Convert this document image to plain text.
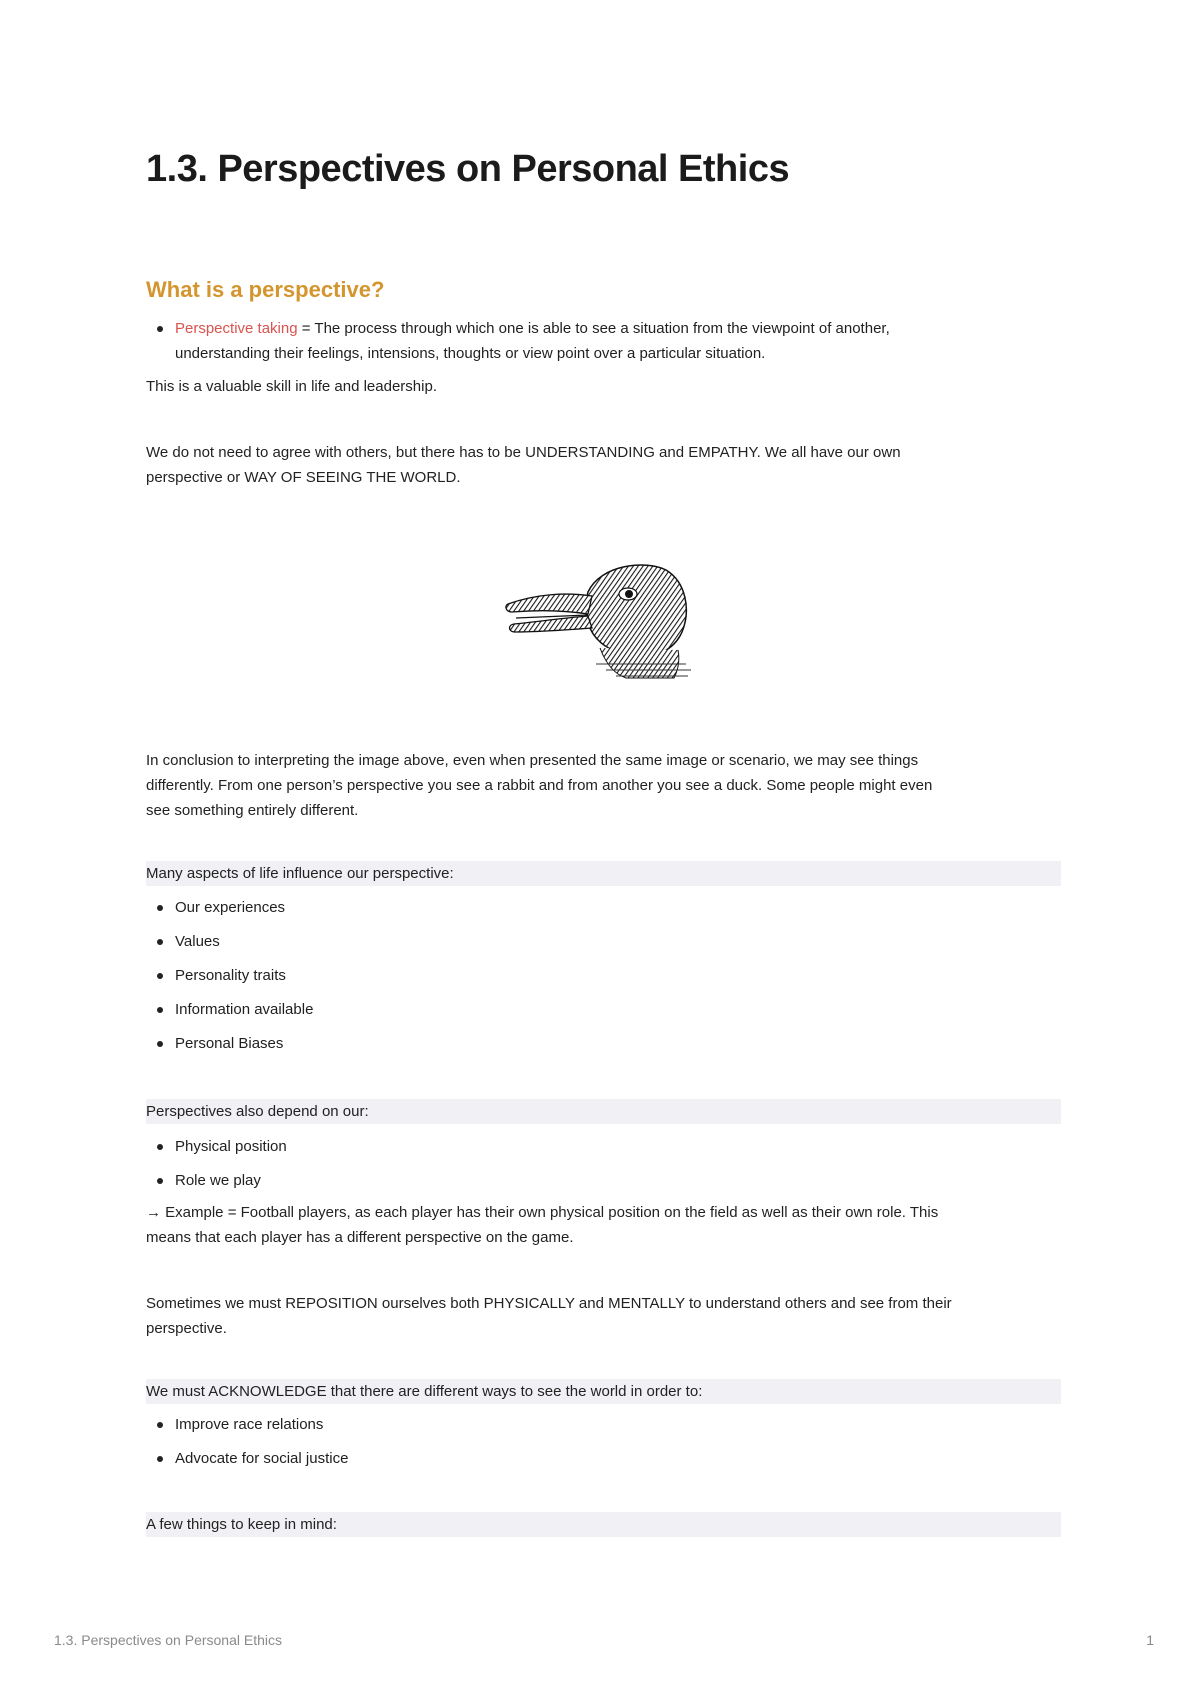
1.3. Perspectives on Personal Ethics
What is a perspective?
Perspective taking = The process through which one is able to see a situation from the viewpoint of another,
understanding their feelings, intensions, thoughts or view point over a particular situation.
This is a valuable skill in life and leadership.
We do not need to agree with others, but there has to be UNDERSTANDING and EMPATHY. We all have our own
perspective or WAY OF SEEING THE WORLD.
In conclusion to interpreting the image above, even when presented the same image or scenario, we may see things
differently. From one person’s perspective you see a rabbit and from another you see a duck. Some people might even
see something entirely different.
Many aspects of life influence our perspective:
Our experiences
Values
Personality traits
Information available
Personal Biases
Perspectives also depend on our:
Physical position
Role we play
→ Example = Football players, as each player has their own physical position on the field as well as their own role. This
means that each player has a different perspective on the game.
Sometimes we must REPOSITION ourselves both PHYSICALLY and MENTALLY to understand others and see from their
perspective.
We must ACKNOWLEDGE that there are different ways to see the world in order to:
Improve race relations
Advocate for social justice
A few things to keep in mind:
1.3. Perspectives on Personal Ethics	1
